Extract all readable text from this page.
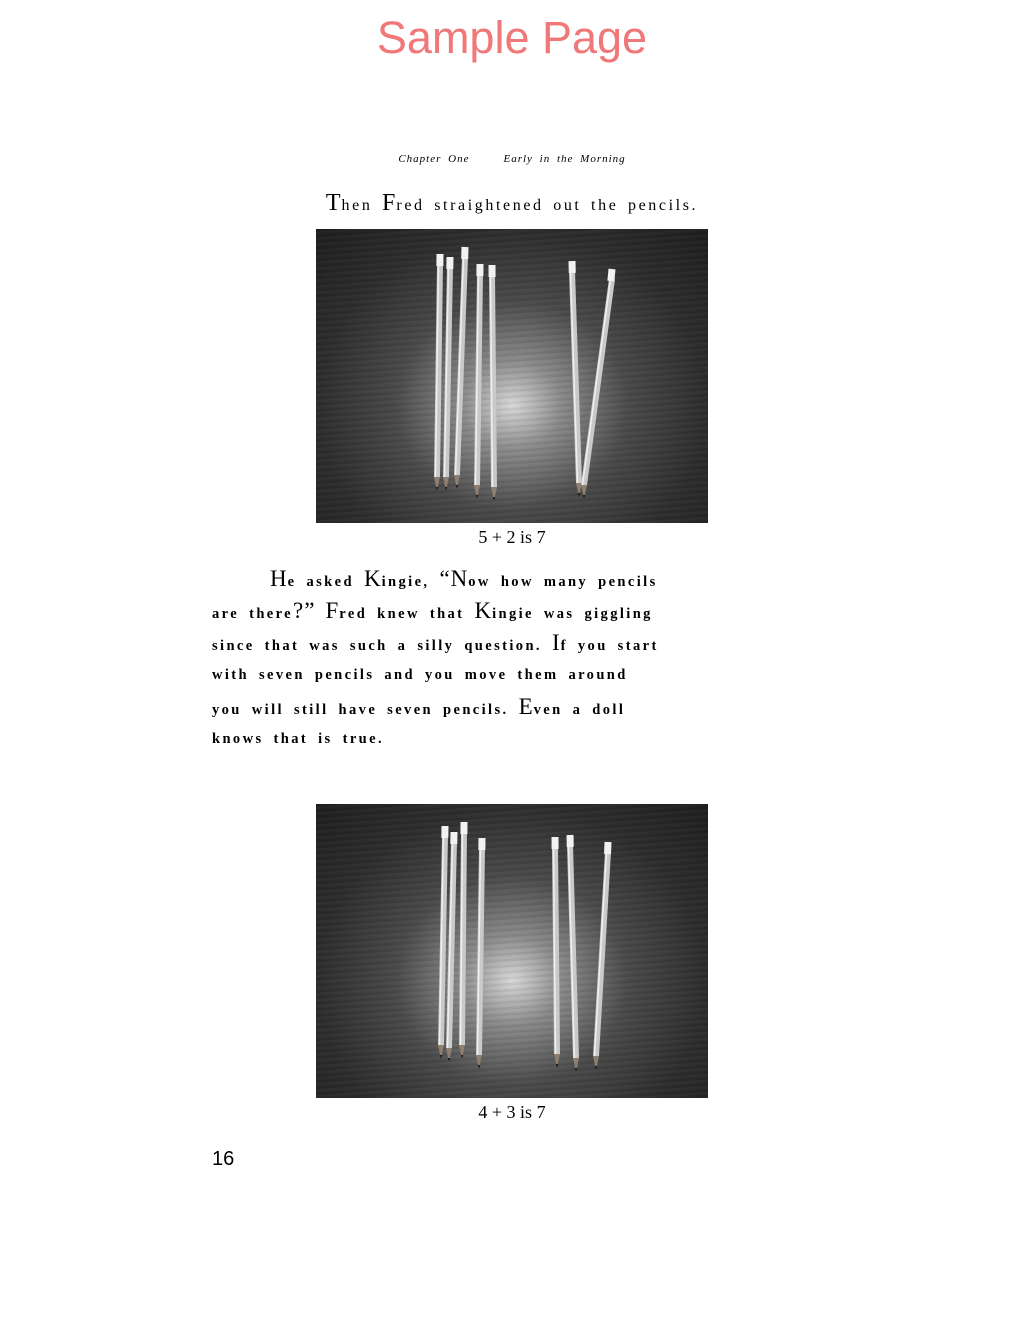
Sample Page
Chapter One	Early in the Morning
Then Fred straightened out the pencils.
5 + 2 is 7
He asked Kingie, “Now how many pencils
are there?” Fred knew that Kingie was giggling
since that was such a silly question. If you start
with seven pencils and you move them around
you will still have seven pencils. Even a doll
knows that is true.
4 + 3 is 7
16
